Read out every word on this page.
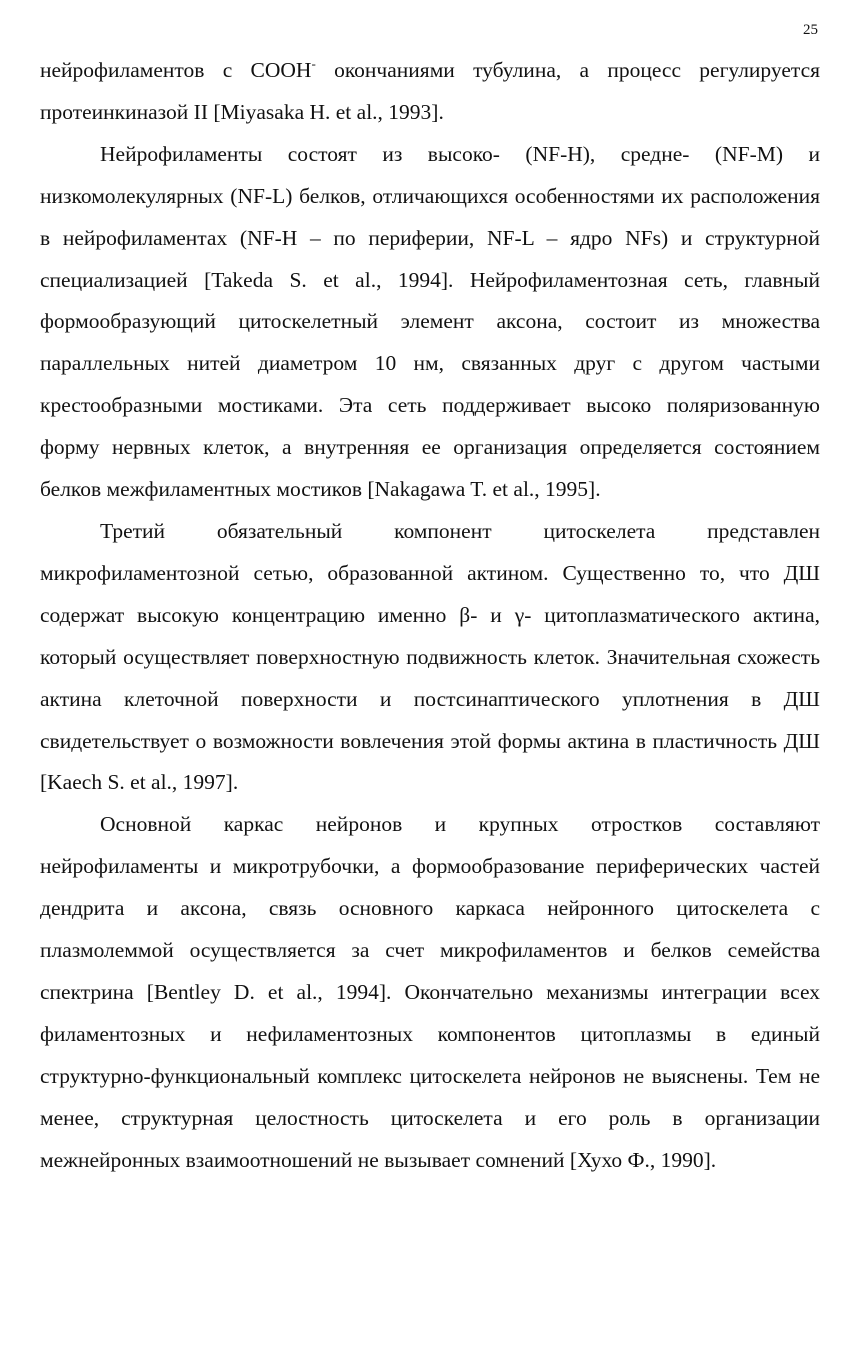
25

нейрофиламентов с СООН- окончаниями тубулина, а процесс регулируется протеинкиназой II [Miyasaka H. et al., 1993].

Нейрофиламенты состоят из высоко- (NF-H), средне- (NF-M) и низкомолекулярных (NF-L) белков, отличающихся особенностями их расположения в нейрофиламентах (NF-H – по периферии, NF-L – ядро NFs) и структурной специализацией [Takeda S. et al., 1994]. Нейрофиламентозная сеть, главный формообразующий цитоскелетный элемент аксона, состоит из множества параллельных нитей диаметром 10 нм, связанных друг с другом частыми крестообразными мостиками. Эта сеть поддерживает высоко поляризованную форму нервных клеток, а внутренняя ее организация определяется состоянием белков межфиламентных мостиков [Nakagawa T. et al., 1995].

Третий обязательный компонент цитоскелета представлен микрофиламентозной сетью, образованной актином. Существенно то, что ДШ содержат высокую концентрацию именно β- и γ- цитоплазматического актина, который осуществляет поверхностную подвижность клеток. Значительная схожесть актина клеточной поверхности и постсинаптического уплотнения в ДШ свидетельствует о возможности вовлечения этой формы актина в пластичность ДШ [Kaech S. et al., 1997].

Основной каркас нейронов и крупных отростков составляют нейрофиламенты и микротрубочки, а формообразование периферических частей дендрита и аксона, связь основного каркаса нейронного цитоскелета с плазмолеммой осуществляется за счет микрофиламентов и белков семейства спектрина [Bentley D. et al., 1994]. Окончательно механизмы интеграции всех филаментозных и нефиламентозных компонентов цитоплазмы в единый структурно-функциональный комплекс цитоскелета нейронов не выяснены. Тем не менее, структурная целостность цитоскелета и его роль в организации межнейронных взаимоотношений не вызывает сомнений [Хухо Ф., 1990].
